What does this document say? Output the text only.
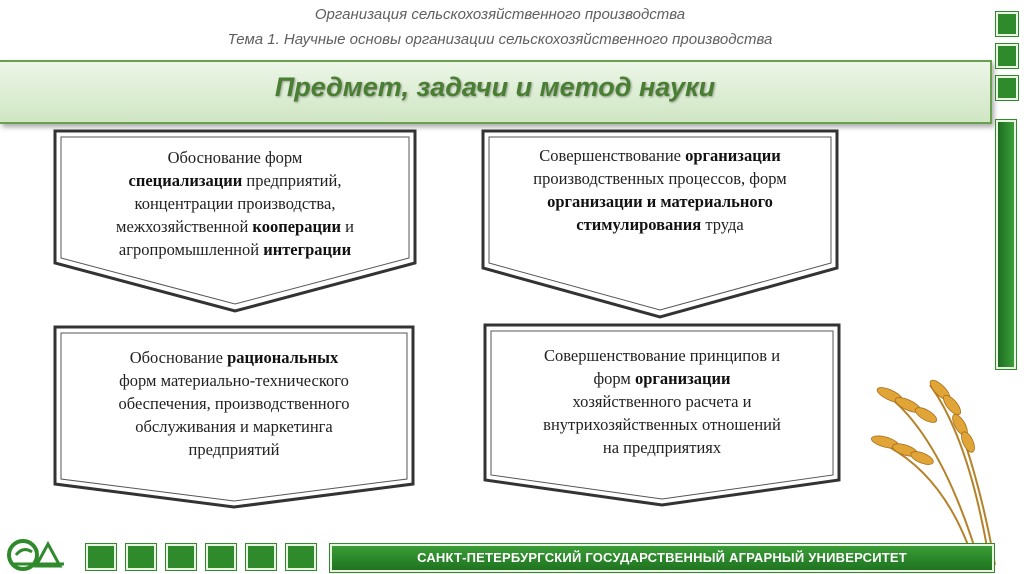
Организация сельскохозяйственного производства
Тема 1. Научные основы организации сельскохозяйственного производства
Предмет, задачи и метод науки
Обоснование форм
специализации предприятий,
концентрации производства,
межхозяйственной кооперации и
агропромышленной интеграции
Совершенствование организации
производственных процессов, форм
организации и материального
стимулирования труда
Обоснование рациональных
форм материально-технического
обеспечения, производственного
обслуживания и маркетинга
предприятий
Совершенствование принципов и
форм организации
хозяйственного расчета и
внутрихозяйственных отношений
на предприятиях
САНКТ-ПЕТЕРБУРГСКИЙ ГОСУДАРСТВЕННЫЙ АГРАРНЫЙ УНИВЕРСИТЕТ
